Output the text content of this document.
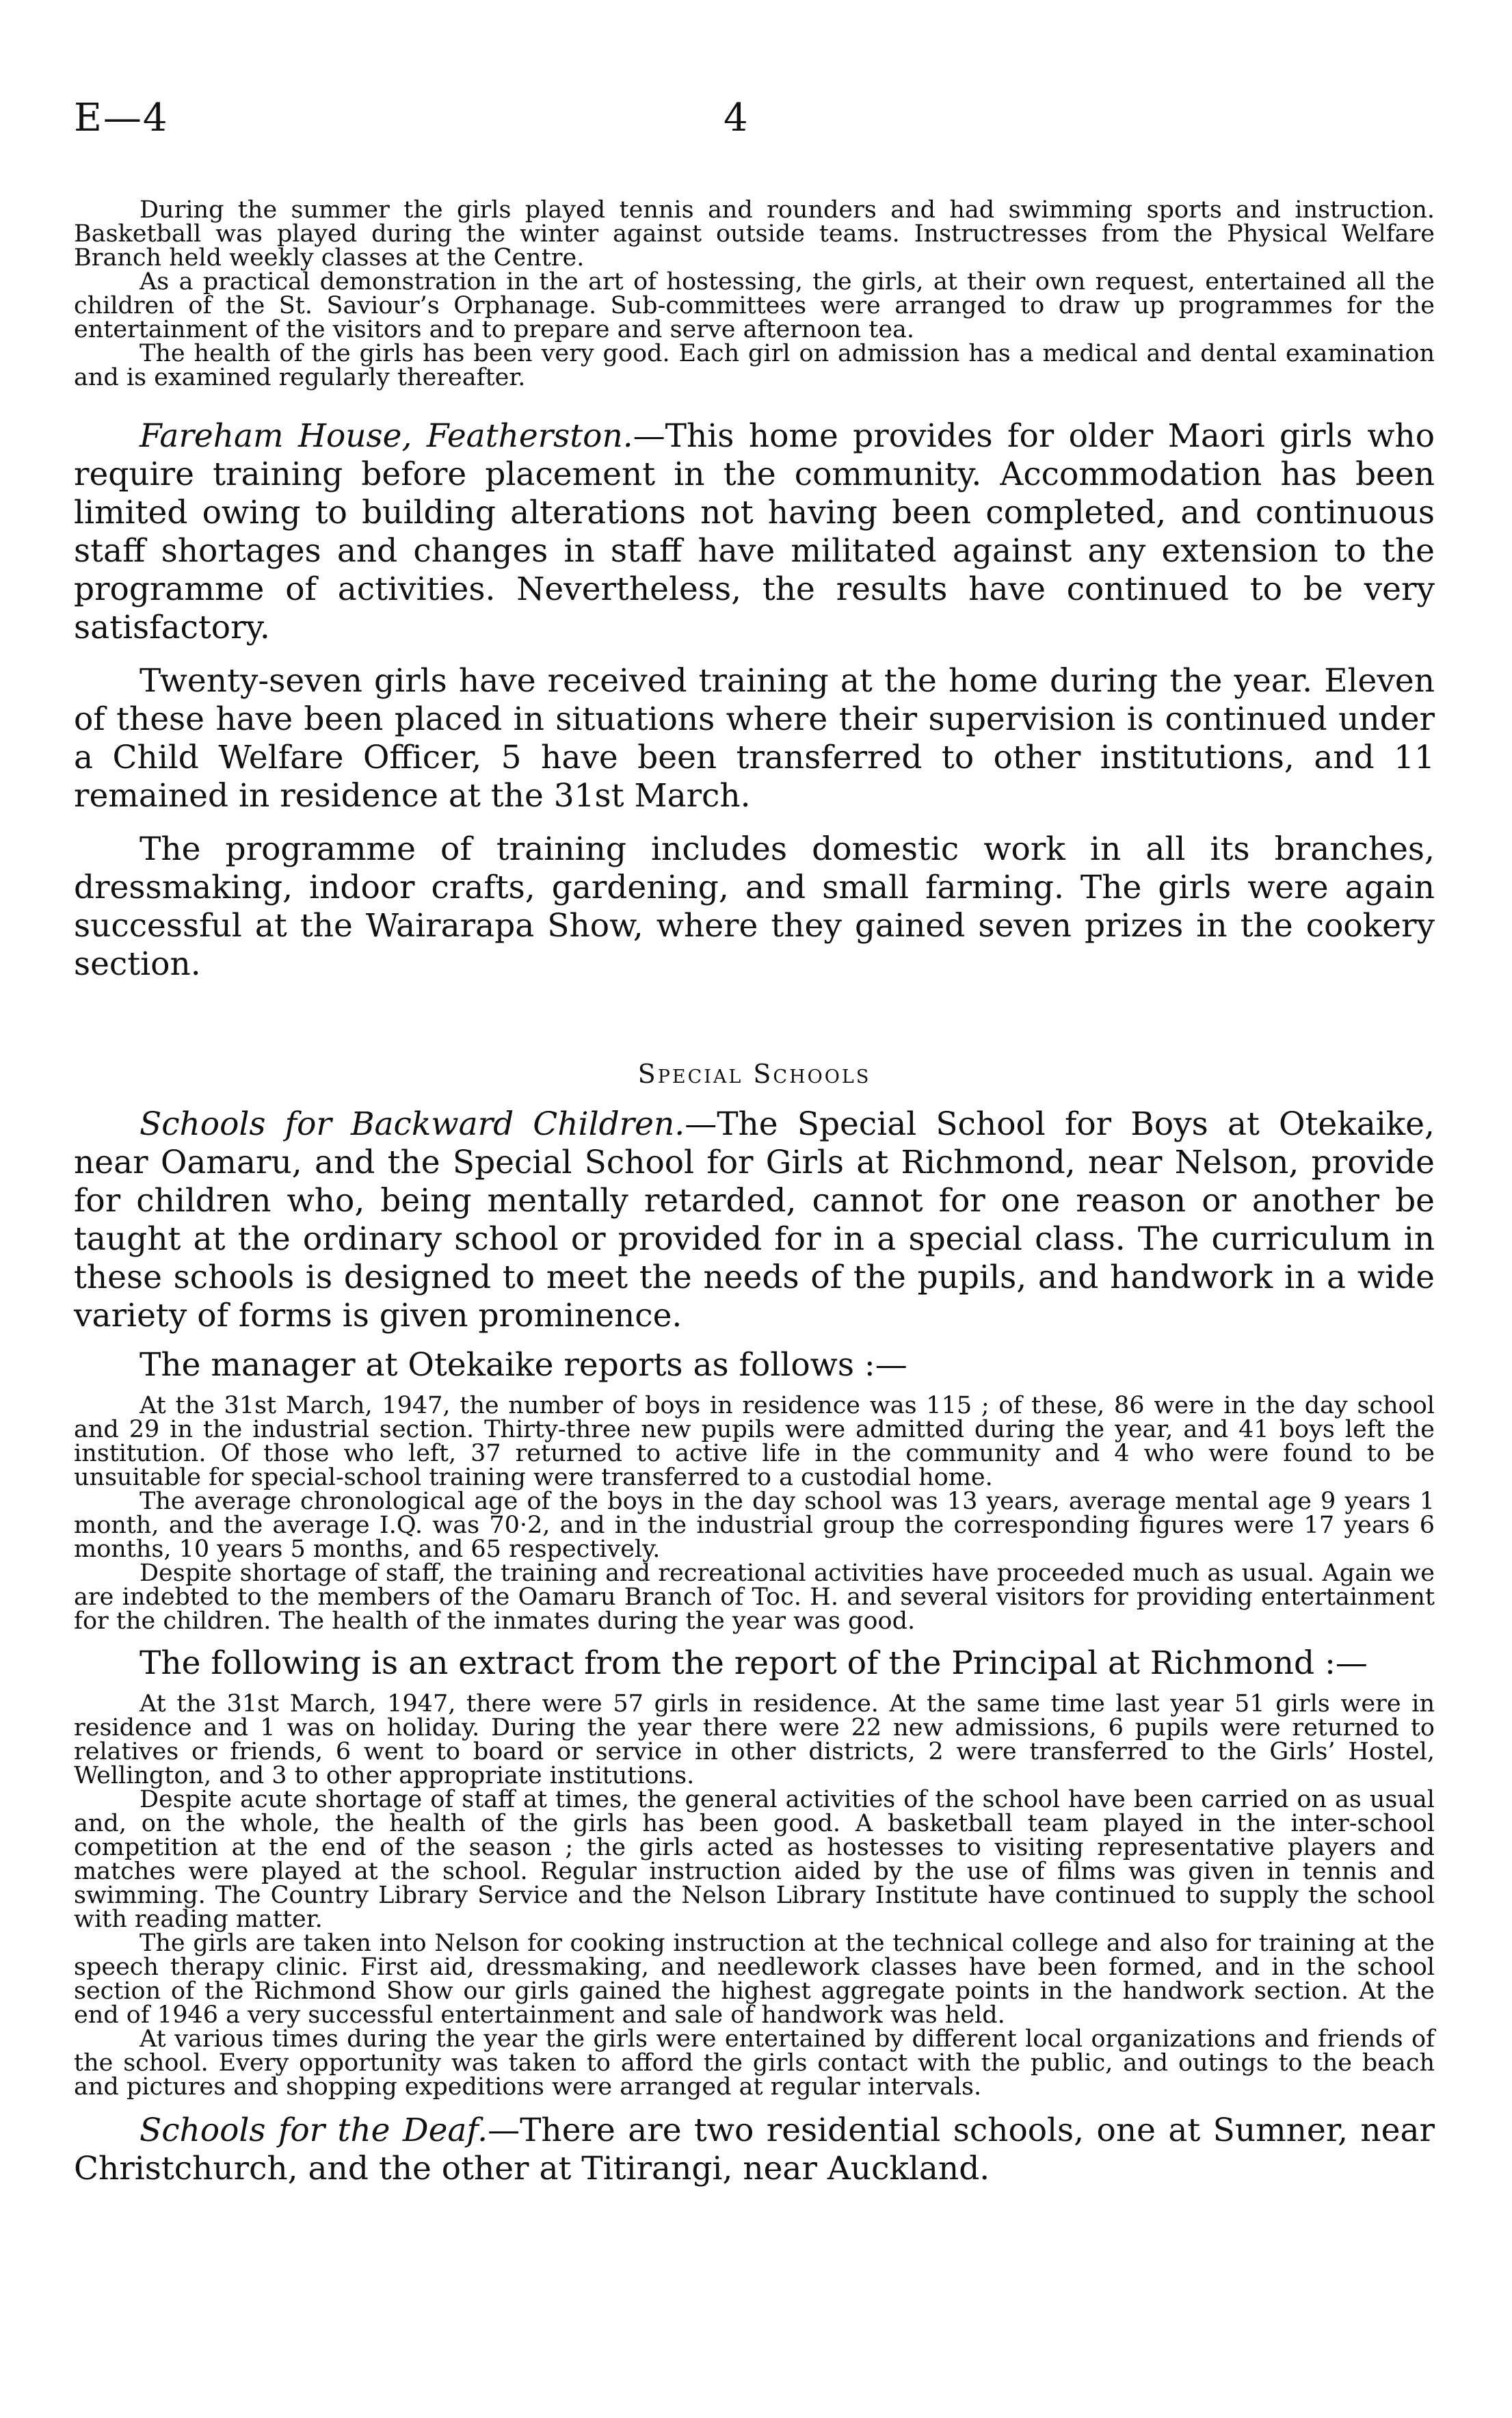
E—4	4

During the summer the girls played tennis and rounders and had swimming sports and instruction. Basketball was played during the winter against outside teams. Instructresses from the Physical Welfare Branch held weekly classes at the Centre.

As a practical demonstration in the art of hostessing, the girls, at their own request, entertained all the children of the St. Saviour’s Orphanage. Sub-committees were arranged to draw up programmes for the entertainment of the visitors and to prepare and serve afternoon tea.

The health of the girls has been very good. Each girl on admission has a medical and dental examination and is examined regularly thereafter.

Fareham House, Featherston.—This home provides for older Maori girls who require training before placement in the community. Accommodation has been limited owing to building alterations not having been completed, and continuous staff shortages and changes in staff have militated against any extension to the programme of activities. Nevertheless, the results have continued to be very satisfactory.

Twenty-seven girls have received training at the home during the year. Eleven of these have been placed in situations where their supervision is continued under a Child Welfare Officer, 5 have been transferred to other institutions, and 11 remained in residence at the 31st March.

The programme of training includes domestic work in all its branches, dressmaking, indoor crafts, gardening, and small farming. The girls were again successful at the Wairarapa Show, where they gained seven prizes in the cookery section.

Special Schools

Schools for Backward Children.—The Special School for Boys at Otekaike, near Oamaru, and the Special School for Girls at Richmond, near Nelson, provide for children who, being mentally retarded, cannot for one reason or another be taught at the ordinary school or provided for in a special class. The curriculum in these schools is designed to meet the needs of the pupils, and handwork in a wide variety of forms is given prominence.

The manager at Otekaike reports as follows :—

At the 31st March, 1947, the number of boys in residence was 115 ; of these, 86 were in the day school and 29 in the industrial section. Thirty-three new pupils were admitted during the year, and 41 boys left the institution. Of those who left, 37 returned to active life in the community and 4 who were found to be unsuitable for special-school training were transferred to a custodial home.

The average chronological age of the boys in the day school was 13 years, average mental age 9 years 1 month, and the average I.Q. was 70·2, and in the industrial group the corresponding figures were 17 years 6 months, 10 years 5 months, and 65 respectively.

Despite shortage of staff, the training and recreational activities have proceeded much as usual. Again we are indebted to the members of the Oamaru Branch of Toc. H. and several visitors for providing entertainment for the children. The health of the inmates during the year was good.

The following is an extract from the report of the Principal at Richmond :—

At the 31st March, 1947, there were 57 girls in residence. At the same time last year 51 girls were in residence and 1 was on holiday. During the year there were 22 new admissions, 6 pupils were returned to relatives or friends, 6 went to board or service in other districts, 2 were transferred to the Girls’ Hostel, Wellington, and 3 to other appropriate institutions.

Despite acute shortage of staff at times, the general activities of the school have been carried on as usual and, on the whole, the health of the girls has been good. A basketball team played in the inter-school competition at the end of the season ; the girls acted as hostesses to visiting representative players and matches were played at the school. Regular instruction aided by the use of films was given in tennis and swimming. The Country Library Service and the Nelson Library Institute have continued to supply the school with reading matter.

The girls are taken into Nelson for cooking instruction at the technical college and also for training at the speech therapy clinic. First aid, dressmaking, and needlework classes have been formed, and in the school section of the Richmond Show our girls gained the highest aggregate points in the handwork section. At the end of 1946 a very successful entertainment and sale of handwork was held.

At various times during the year the girls were entertained by different local organizations and friends of the school. Every opportunity was taken to afford the girls contact with the public, and outings to the beach and pictures and shopping expeditions were arranged at regular intervals.

Schools for the Deaf.—There are two residential schools, one at Sumner, near Christchurch, and the other at Titirangi, near Auckland.
